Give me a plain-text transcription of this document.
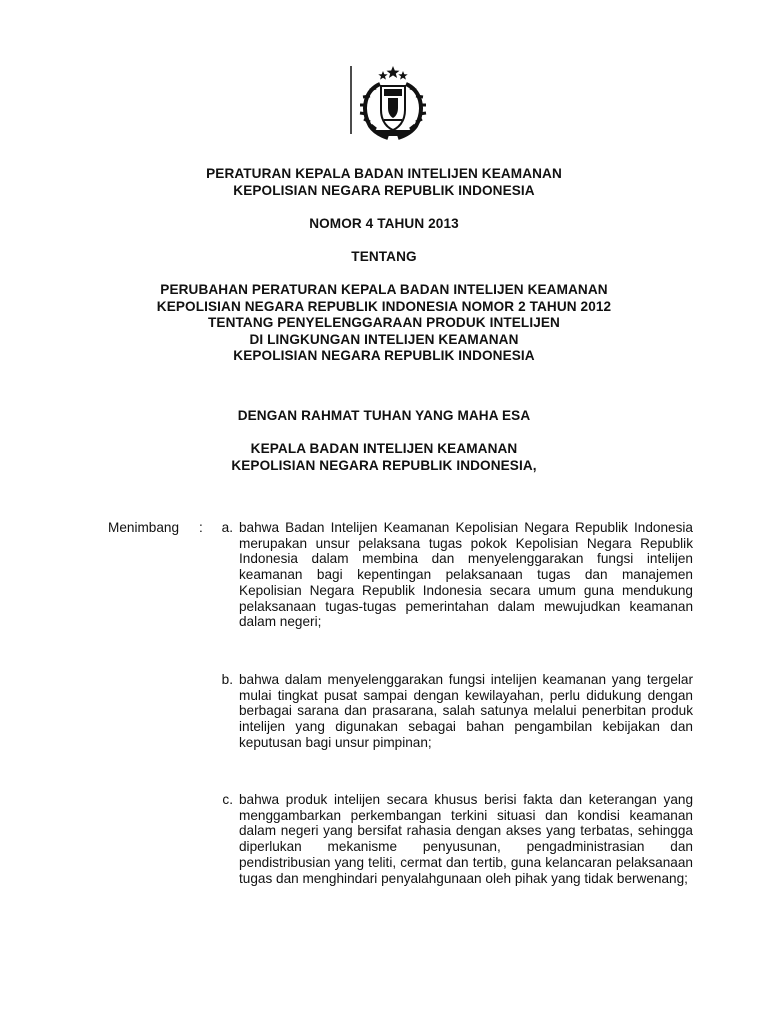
PERATURAN KEPALA BADAN INTELIJEN KEAMANAN
KEPOLISIAN NEGARA REPUBLIK INDONESIA
NOMOR 4 TAHUN 2013
TENTANG
PERUBAHAN PERATURAN KEPALA BADAN INTELIJEN KEAMANAN
KEPOLISIAN NEGARA REPUBLIK INDONESIA NOMOR 2 TAHUN 2012
TENTANG PENYELENGGARAAN PRODUK INTELIJEN
DI LINGKUNGAN INTELIJEN KEAMANAN
KEPOLISIAN NEGARA REPUBLIK INDONESIA
DENGAN RAHMAT TUHAN YANG MAHA ESA
KEPALA BADAN INTELIJEN KEAMANAN
KEPOLISIAN NEGARA REPUBLIK INDONESIA,
Menimbang :	a. bahwa Badan Intelijen Keamanan Kepolisian Negara Republik Indonesia merupakan unsur pelaksana tugas pokok Kepolisian Negara Republik Indonesia dalam membina dan menyelenggarakan fungsi intelijen keamanan bagi kepentingan pelaksanaan tugas dan manajemen Kepolisian Negara Republik Indonesia secara umum guna mendukung pelaksanaan tugas-tugas pemerintahan dalam mewujudkan keamanan dalam negeri;
b. bahwa dalam menyelenggarakan fungsi intelijen keamanan yang tergelar mulai tingkat pusat sampai dengan kewilayahan, perlu didukung dengan berbagai sarana dan prasarana, salah satunya melalui penerbitan produk intelijen yang digunakan sebagai bahan pengambilan kebijakan dan keputusan bagi unsur pimpinan;
c. bahwa produk intelijen secara khusus berisi fakta dan keterangan yang menggambarkan perkembangan terkini situasi dan kondisi keamanan dalam negeri yang bersifat rahasia dengan akses yang terbatas, sehingga diperlukan mekanisme penyusunan, pengadministrasian dan pendistribusian yang teliti, cermat dan tertib, guna kelancaran pelaksanaan tugas dan menghindari penyalahgunaan oleh pihak yang tidak berwenang;
